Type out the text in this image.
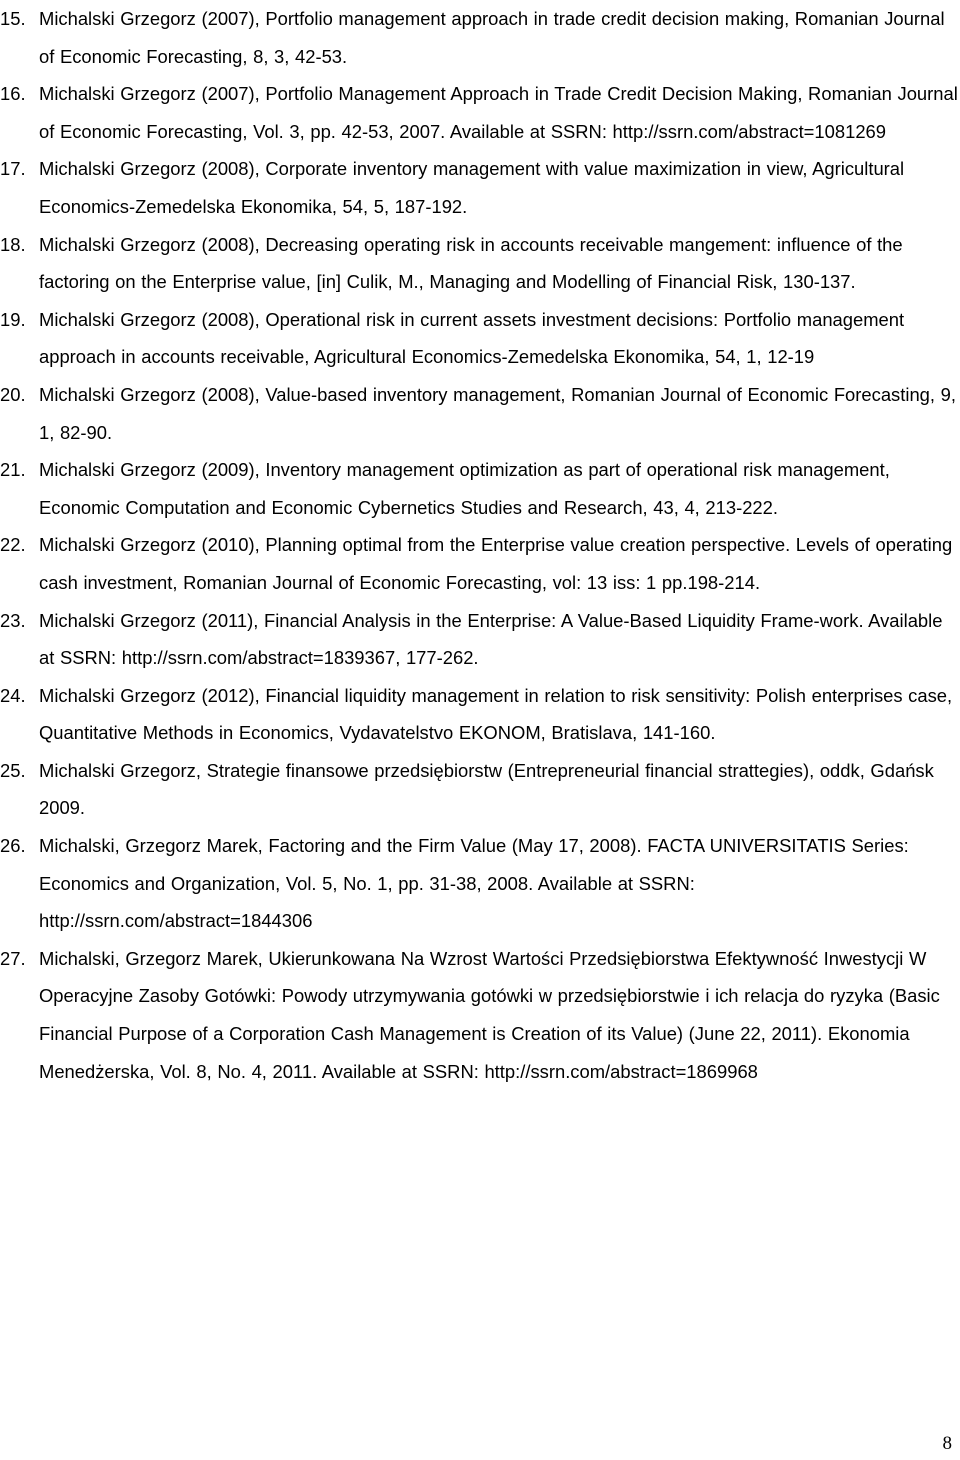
15. Michalski Grzegorz (2007), Portfolio management approach in trade credit decision making, Romanian Journal of Economic Forecasting, 8, 3, 42-53.
16. Michalski Grzegorz (2007), Portfolio Management Approach in Trade Credit Decision Making, Romanian Journal of Economic Forecasting, Vol. 3, pp. 42-53, 2007. Available at SSRN: http://ssrn.com/abstract=1081269
17. Michalski Grzegorz (2008), Corporate inventory management with value maximization in view, Agricultural Economics-Zemedelska Ekonomika, 54, 5, 187-192.
18. Michalski Grzegorz (2008), Decreasing operating risk in accounts receivable mangement: influence of the factoring on the Enterprise value, [in] Culik, M., Managing and Modelling of Financial Risk, 130-137.
19. Michalski Grzegorz (2008), Operational risk in current assets investment decisions: Portfolio management approach in accounts receivable, Agricultural Economics-Zemedelska Ekonomika, 54, 1, 12-19
20. Michalski Grzegorz (2008), Value-based inventory management, Romanian Journal of Economic Forecasting, 9, 1, 82-90.
21. Michalski Grzegorz (2009), Inventory management optimization as part of operational risk management, Economic Computation and Economic Cybernetics Studies and Research, 43, 4, 213-222.
22. Michalski Grzegorz (2010), Planning optimal from the Enterprise value creation perspective. Levels of operating cash investment, Romanian Journal of Economic Forecasting, vol: 13 iss: 1 pp.198-214.
23. Michalski Grzegorz (2011), Financial Analysis in the Enterprise: A Value-Based Liquidity Frame-work. Available at SSRN: http://ssrn.com/abstract=1839367, 177-262.
24. Michalski Grzegorz (2012), Financial liquidity management in relation to risk sensitivity: Polish enterprises case, Quantitative Methods in Economics, Vydavatelstvo EKONOM, Bratislava, 141-160.
25. Michalski Grzegorz, Strategie finansowe przedsiębiorstw (Entrepreneurial financial strattegies), oddk, Gdańsk 2009.
26. Michalski, Grzegorz Marek, Factoring and the Firm Value (May 17, 2008). FACTA UNIVERSITATIS Series: Economics and Organization, Vol. 5, No. 1, pp. 31-38, 2008. Available at SSRN: http://ssrn.com/abstract=1844306
27. Michalski, Grzegorz Marek, Ukierunkowana Na Wzrost Wartości Przedsiębiorstwa Efektywność Inwestycji W Operacyjne Zasoby Gotówki: Powody utrzymywania gotówki w przedsiębiorstwie i ich relacja do ryzyka (Basic Financial Purpose of a Corporation Cash Management is Creation of its Value) (June 22, 2011). Ekonomia Menedżerska, Vol. 8, No. 4, 2011. Available at SSRN: http://ssrn.com/abstract=1869968
8
